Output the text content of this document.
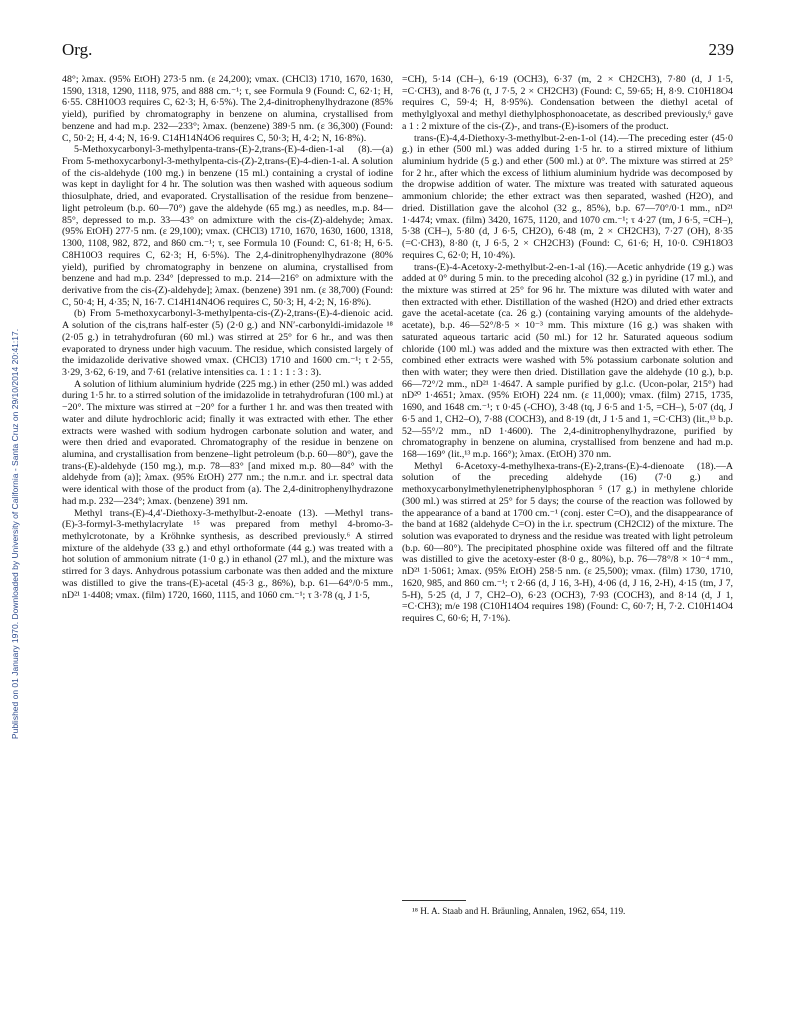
Org.	239
Published on 01 January 1970. Downloaded by University of California - Santa Cruz on 29/10/2014 20:41:17.

48°; λmax. (95% EtOH) 273·5 nm. (ε 24,200); νmax. (CHCl3) 1710, 1670, 1630, 1590, 1318, 1290, 1118, 975, and 888 cm.⁻¹; τ, see Formula 9 (Found: C, 62·1; H, 6·55. C8H10O3 requires C, 62·3; H, 6·5%). The 2,4-dinitrophenylhydrazone (85% yield), purified by chromatography in benzene on alumina, crystallised from benzene and had m.p. 232—233°; λmax. (benzene) 389·5 nm. (ε 36,300) (Found: C, 50·2; H, 4·4; N, 16·9. C14H14N4O6 requires C, 50·3; H, 4·2; N, 16·8%).

5-Methoxycarbonyl-3-methylpenta-trans-(E)-2,trans-(E)-4-dien-1-al (8).—(a) From 5-methoxycarbonyl-3-methylpenta-cis-(Z)-2,trans-(E)-4-dien-1-al. A solution of the cis-aldehyde (100 mg.) in benzene (15 ml.) containing a crystal of iodine was kept in daylight for 4 hr. The solution was then washed with aqueous sodium thiosulphate, dried, and evaporated. Crystallisation of the residue from benzene–light petroleum (b.p. 60—70°) gave the aldehyde (65 mg.) as needles, m.p. 84—85°, depressed to m.p. 33—43° on admixture with the cis-(Z)-aldehyde; λmax. (95% EtOH) 277·5 nm. (ε 29,100); νmax. (CHCl3) 1710, 1670, 1630, 1600, 1318, 1300, 1108, 982, 872, and 860 cm.⁻¹; τ, see Formula 10 (Found: C, 61·8; H, 6·5. C8H10O3 requires C, 62·3; H, 6·5%). The 2,4-dinitrophenylhydrazone (80% yield), purified by chromatography in benzene on alumina, crystallised from benzene and had m.p. 234° [depressed to m.p. 214—216° on admixture with the derivative from the cis-(Z)-aldehyde]; λmax. (benzene) 391 nm. (ε 38,700) (Found: C, 50·4; H, 4·35; N, 16·7. C14H14N4O6 requires C, 50·3; H, 4·2; N, 16·8%).

(b) From 5-methoxycarbonyl-3-methylpenta-cis-(Z)-2,trans-(E)-4-dienoic acid. A solution of the cis,trans half-ester (5) (2·0 g.) and NN′-carbonyldi-imidazole ¹⁸ (2·05 g.) in tetrahydrofuran (60 ml.) was stirred at 25° for 6 hr., and was then evaporated to dryness under high vacuum. The residue, which consisted largely of the imidazolide derivative showed νmax. (CHCl3) 1710 and 1600 cm.⁻¹; τ 2·55, 3·29, 3·62, 6·19, and 7·61 (relative intensities ca. 1 : 1 : 1 : 3 : 3).

A solution of lithium aluminium hydride (225 mg.) in ether (250 ml.) was added during 1·5 hr. to a stirred solution of the imidazolide in tetrahydrofuran (100 ml.) at −20°. The mixture was stirred at −20° for a further 1 hr. and was then treated with water and dilute hydrochloric acid; finally it was extracted with ether. The ether extracts were washed with sodium hydrogen carbonate solution and water, and were then dried and evaporated. Chromatography of the residue in benzene on alumina, and crystallisation from benzene–light petroleum (b.p. 60—80°), gave the trans-(E)-aldehyde (150 mg.), m.p. 78—83° [and mixed m.p. 80—84° with the aldehyde from (a)]; λmax. (95% EtOH) 277 nm.; the n.m.r. and i.r. spectral data were identical with those of the product from (a). The 2,4-dinitrophenylhydrazone had m.p. 232—234°; λmax. (benzene) 391 nm.

Methyl trans-(E)-4,4′-Diethoxy-3-methylbut-2-enoate (13). —Methyl trans-(E)-3-formyl-3-methylacrylate ¹⁵ was prepared from methyl 4-bromo-3-methylcrotonate, by a Kröhnke synthesis, as described previously.⁶ A stirred mixture of the aldehyde (33 g.) and ethyl orthoformate (44 g.) was treated with a hot solution of ammonium nitrate (1·0 g.) in ethanol (27 ml.), and the mixture was stirred for 3 days. Anhydrous potassium carbonate was then added and the mixture was distilled to give the trans-(E)-acetal (45·3 g., 86%), b.p. 61—64°/0·5 mm., nD²¹ 1·4408; νmax. (film) 1720, 1660, 1115, and 1060 cm.⁻¹; τ 3·78 (q, J 1·5,

=CH), 5·14 (CH–), 6·19 (OCH3), 6·37 (m, 2 × CH2CH3), 7·80 (d, J 1·5, =C·CH3), and 8·76 (t, J 7·5, 2 × CH2CH3) (Found: C, 59·65; H, 8·9. C10H18O4 requires C, 59·4; H, 8·95%). Condensation between the diethyl acetal of methylglyoxal and methyl diethylphosphonoacetate, as described previously,⁶ gave a 1 : 2 mixture of the cis-(Z)-, and trans-(E)-isomers of the product.

trans-(E)-4,4-Diethoxy-3-methylbut-2-en-1-ol (14).—The preceding ester (45·0 g.) in ether (500 ml.) was added during 1·5 hr. to a stirred mixture of lithium aluminium hydride (5 g.) and ether (500 ml.) at 0°. The mixture was stirred at 25° for 2 hr., after which the excess of lithium aluminium hydride was decomposed by the dropwise addition of water. The mixture was treated with saturated aqueous ammonium chloride; the ether extract was then separated, washed (H2O), and dried. Distillation gave the alcohol (32 g., 85%), b.p. 67—70°/0·1 mm., nD²¹ 1·4474; νmax. (film) 3420, 1675, 1120, and 1070 cm.⁻¹; τ 4·27 (tm, J 6·5, =CH–), 5·38 (CH–), 5·80 (d, J 6·5, CH2O), 6·48 (m, 2 × CH2CH3), 7·27 (OH), 8·35 (=C·CH3), 8·80 (t, J 6·5, 2 × CH2CH3) (Found: C, 61·6; H, 10·0. C9H18O3 requires C, 62·0; H, 10·4%).

trans-(E)-4-Acetoxy-2-methylbut-2-en-1-al (16).—Acetic anhydride (19 g.) was added at 0° during 5 min. to the preceding alcohol (32 g.) in pyridine (17 ml.), and the mixture was stirred at 25° for 96 hr. The mixture was diluted with water and then extracted with ether. Distillation of the washed (H2O) and dried ether extracts gave the acetal-acetate (ca. 26 g.) (containing varying amounts of the aldehyde-acetate), b.p. 46—52°/8·5 × 10⁻³ mm. This mixture (16 g.) was shaken with saturated aqueous tartaric acid (50 ml.) for 12 hr. Saturated aqueous sodium chloride (100 ml.) was added and the mixture was then extracted with ether. The combined ether extracts were washed with 5% potassium carbonate solution and then with water; they were then dried. Distillation gave the aldehyde (10 g.), b.p. 66—72°/2 mm., nD²¹ 1·4647. A sample purified by g.l.c. (Ucon-polar, 215°) had nD²⁰ 1·4651; λmax. (95% EtOH) 224 nm. (ε 11,000); νmax. (film) 2715, 1735, 1690, and 1648 cm.⁻¹; τ 0·45 (-CHO), 3·48 (tq, J 6·5 and 1·5, =CH–), 5·07 (dq, J 6·5 and 1, CH2–O), 7·88 (COCH3), and 8·19 (dt, J 1·5 and 1, =C·CH3) (lit.,¹³ b.p. 52—55°/2 mm., nD 1·4600). The 2,4-dinitrophenylhydrazone, purified by chromatography in benzene on alumina, crystallised from benzene and had m.p. 168—169° (lit.,¹³ m.p. 166°); λmax. (EtOH) 370 nm.

Methyl 6-Acetoxy-4-methylhexa-trans-(E)-2,trans-(E)-4-dienoate (18).—A solution of the preceding aldehyde (16) (7·0 g.) and methoxycarbonylmethylenetriphenylphosphoran ⁵ (17 g.) in methylene chloride (300 ml.) was stirred at 25° for 5 days; the course of the reaction was followed by the appearance of a band at 1700 cm.⁻¹ (conj. ester C=O), and the disappearance of the band at 1682 (aldehyde C=O) in the i.r. spectrum (CH2Cl2) of the mixture. The solution was evaporated to dryness and the residue was treated with light petroleum (b.p. 60—80°). The precipitated phosphine oxide was filtered off and the filtrate was distilled to give the acetoxy-ester (8·0 g., 80%), b.p. 76—78°/8 × 10⁻⁴ mm., nD²¹ 1·5061; λmax. (95% EtOH) 258·5 nm. (ε 25,500); νmax. (film) 1730, 1710, 1620, 985, and 860 cm.⁻¹; τ 2·66 (d, J 16, 3-H), 4·06 (d, J 16, 2-H), 4·15 (tm, J 7, 5-H), 5·25 (d, J 7, CH2–O), 6·23 (OCH3), 7·93 (COCH3), and 8·14 (d, J 1, =C·CH3); m/e 198 (C10H14O4 requires 198) (Found: C, 60·7; H, 7·2. C10H14O4 requires C, 60·6; H, 7·1%).

¹⁸ H. A. Staab and H. Bräunling, Annalen, 1962, 654, 119.
